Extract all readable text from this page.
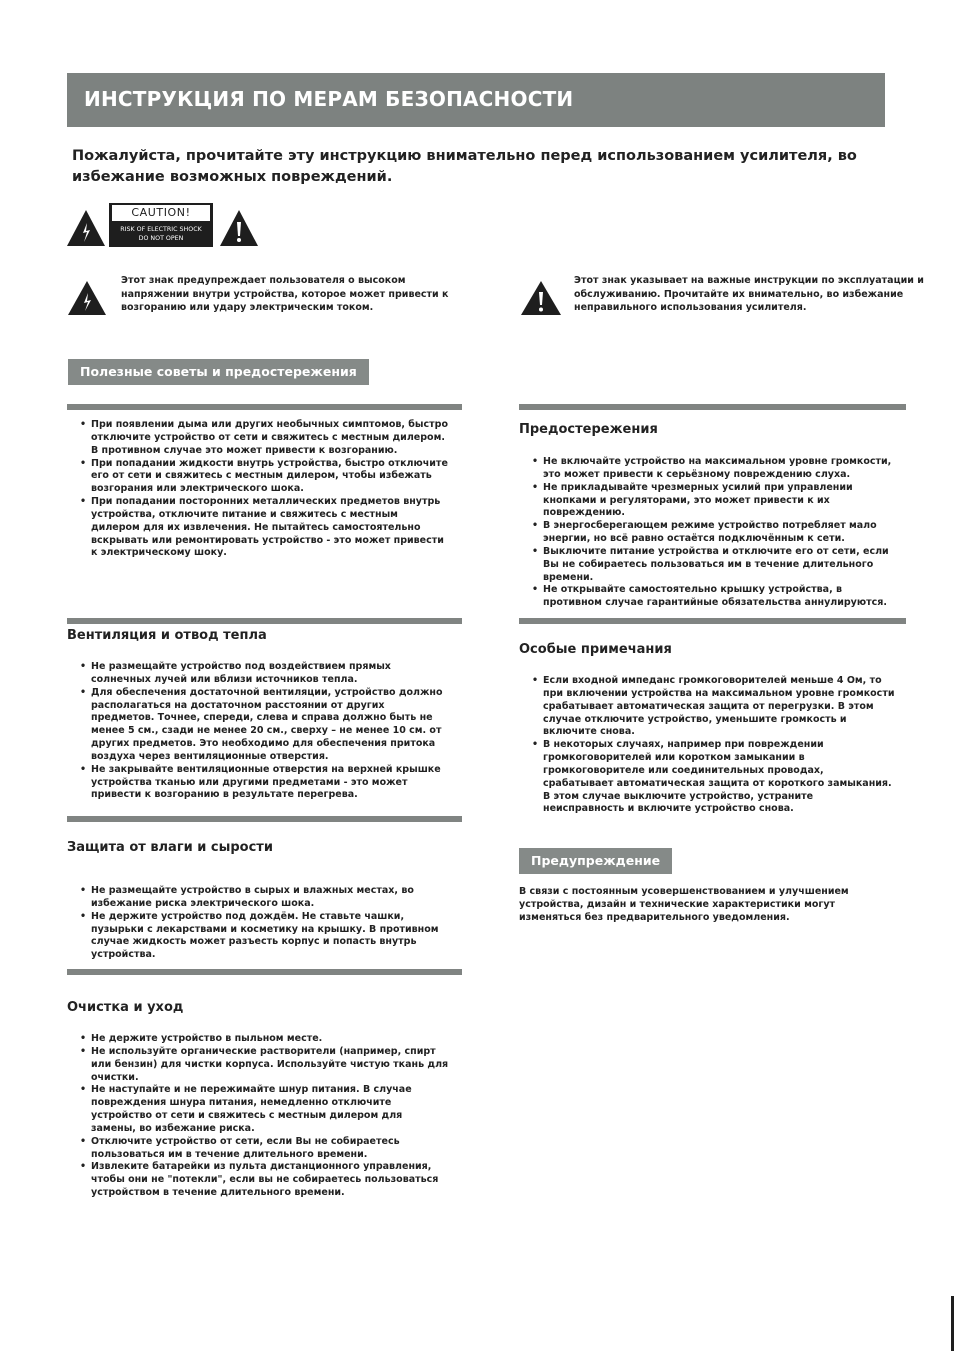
ИНСТРУКЦИЯ ПО МЕРАМ БЕЗОПАСНОСТИ
Пожалуйста, прочитайте эту инструкцию внимательно перед использованием усилителя, во избежание возможных повреждений.
CAUTION!
RISK OF ELECTRIC SHOCK
DO NOT OPEN
Этот знак предупреждает пользователя о высоком напряжении внутри устройства, которое может привести к возгоранию или удару электрическим током.
Этот знак указывает на важные инструкции по эксплуатации и обслуживанию. Прочитайте их внимательно, во избежание неправильного использования усилителя.
Полезные советы и предостережения
• При появлении дыма или других необычных симптомов, быстро отключите устройство от сети и свяжитесь с местным дилером. В противном случае это может привести к возгоранию.
• При попадании жидкости внутрь устройства, быстро отключите его от сети и свяжитесь с местным дилером, чтобы избежать возгорания или электрического шока.
• При попадании посторонних металлических предметов внутрь устройства, отключите питание и свяжитесь с местным дилером для их извлечения. Не пытайтесь самостоятельно вскрывать или ремонтировать устройство - это может привести к электрическому шоку.
Вентиляция и отвод тепла
• Не размещайте устройство под воздействием прямых солнечных лучей или вблизи источников тепла.
• Для обеспечения достаточной вентиляции, устройство должно располагаться на достаточном расстоянии от других предметов. Точнее, спереди, слева и справа должно быть не менее 5 см., сзади не менее 20 см., сверху – не менее 10 см. от других предметов. Это необходимо для обеспечения притока воздуха через вентиляционные отверстия.
• Не закрывайте вентиляционные отверстия на верхней крышке устройства тканью или другими предметами - это может привести к возгоранию в результате перегрева.
Защита от влаги и сырости
• Не размещайте устройство в сырых и влажных местах, во избежание риска электрического шока.
• Не держите устройство под дождём. Не ставьте чашки, пузырьки с лекарствами и косметику на крышку. В противном случае жидкость может разъесть корпус и попасть внутрь устройства.
Очистка и уход
• Не держите устройство в пыльном месте.
• Не используйте органические растворители (например, спирт или бензин) для чистки корпуса. Используйте чистую ткань для очистки.
• Не наступайте и не пережимайте шнур питания. В случае повреждения шнура питания, немедленно отключите устройство от сети и свяжитесь с местным дилером для замены, во избежание риска.
• Отключите устройство от сети, если Вы не собираетесь пользоваться им в течение длительного времени.
• Извлеките батарейки из пульта дистанционного управления, чтобы они не "потекли", если вы не собираетесь пользоваться устройством в течение длительного времени.
Предостережения
• Не включайте устройство на максимальном уровне громкости, это может привести к серьёзному повреждению слуха.
• Не прикладывайте чрезмерных усилий при управлении кнопками и регуляторами, это может привести к их повреждению.
• В энергосберегающем режиме устройство потребляет мало энергии, но всё равно остаётся подключённым к сети.
• Выключите питание устройства и отключите его от сети, если Вы не собираетесь пользоваться им в течение длительного времени.
• Не открывайте самостоятельно крышку устройства, в противном случае гарантийные обязательства аннулируются.
Особые примечания
• Если входной импеданс громкоговорителей меньше 4 Ом, то при включении устройства на максимальном уровне громкости срабатывает автоматическая защита от перегрузки. В этом случае отключите устройство, уменьшите громкость и включите снова.
• В некоторых случаях, например при повреждении громкоговорителей или коротком замыкании в громкоговорителе или соединительных проводах, срабатывает автоматическая защита от короткого замыкания. В этом случае выключите устройство, устраните неисправность и включите устройство снова.
Предупреждение
В связи с постоянным усовершенствованием и улучшением устройства, дизайн и технические характеристики могут изменяться без предварительного уведомления.
